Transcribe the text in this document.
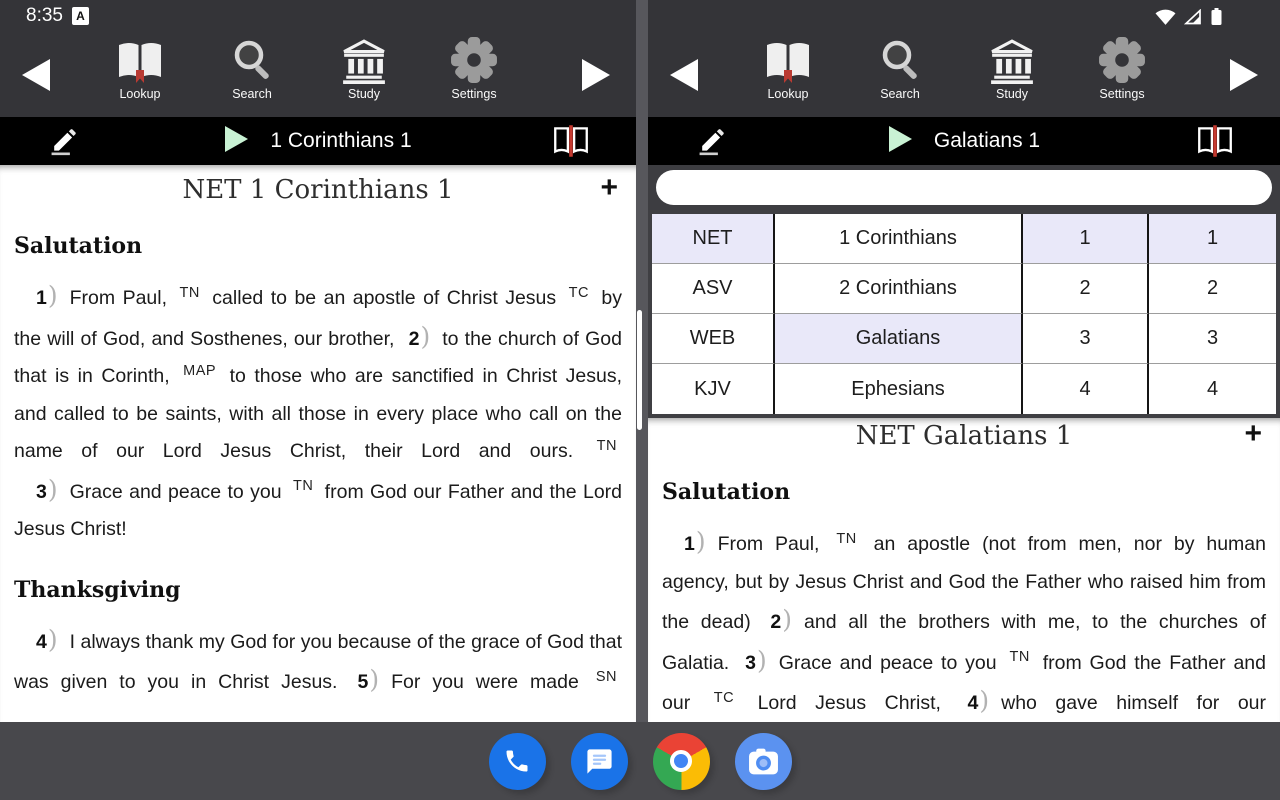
8:35	A
Lookup	Search	Study	Settings
1 Corinthians 1
NET 1 Corinthians 1	+
Salutation

1) From Paul, $^{TN}$ called to be an apostle of Christ Jesus $^{TC}$ by the will of God, and Sosthenes, our brother, 2) to the church of God that is in Corinth, $^{MAP}$ to those who are sanctified in Christ Jesus, and called to be saints, with all those in every place who call on the name of our Lord Jesus Christ, their Lord and ours. $^{TN}$

3) Grace and peace to you $^{TN}$ from God our Father and the Lord Jesus Christ!

Thanksgiving

4) I always thank my God for you because of the grace of God that was given to you in Christ Jesus. 5) For you were made $^{SN}$

Lookup	Search	Study	Settings
Galatians 1
NET	1 Corinthians	1	1
ASV	2 Corinthians	2	2
WEB	Galatians	3	3
KJV	Ephesians	4	4
NET Galatians 1	+
Salutation

1) From Paul, $^{TN}$ an apostle (not from men, nor by human agency, but by Jesus Christ and God the Father who raised him from the dead) 2) and all the brothers with me, to the churches of Galatia. 3) Grace and peace to you $^{TN}$ from God the Father and our $^{TC}$ Lord Jesus Christ, 4) who gave himself for our
